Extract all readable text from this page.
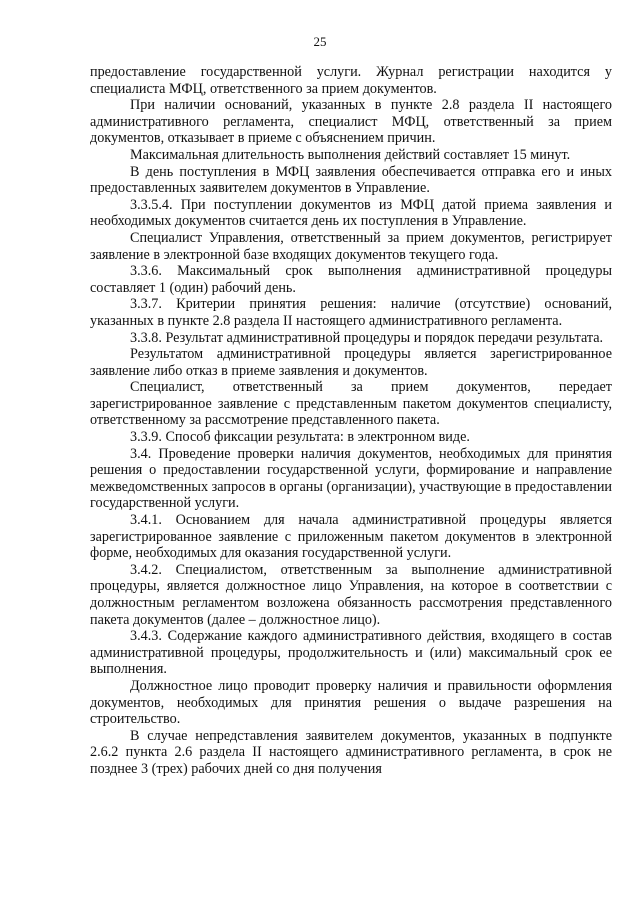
25

предоставление государственной услуги. Журнал регистрации находится у специалиста МФЦ, ответственного за прием документов.

При наличии оснований, указанных в пункте 2.8 раздела II настоящего административного регламента, специалист МФЦ, ответственный за прием документов, отказывает в приеме с объяснением причин.

Максимальная длительность выполнения действий составляет 15 минут.

В день поступления в МФЦ заявления обеспечивается отправка его и иных предоставленных заявителем документов в Управление.

3.3.5.4. При поступлении документов из МФЦ датой приема заявления и необходимых документов считается день их поступления в Управление.

Специалист Управления, ответственный за прием документов, регистрирует заявление в электронной базе входящих документов текущего года.

3.3.6. Максимальный срок выполнения административной процедуры составляет 1 (один) рабочий день.

3.3.7. Критерии принятия решения: наличие (отсутствие) оснований, указанных в пункте 2.8 раздела II настоящего административного регламента.

3.3.8. Результат административной процедуры и порядок передачи результата.

Результатом административной процедуры является зарегистрированное заявление либо отказ в приеме заявления и документов.

Специалист, ответственный за прием документов, передает зарегистрированное заявление с представленным пакетом документов специалисту, ответственному за рассмотрение представленного пакета.

3.3.9. Способ фиксации результата: в электронном виде.

3.4. Проведение проверки наличия документов, необходимых для принятия решения о предоставлении государственной услуги, формирование и направление межведомственных запросов в органы (организации), участвующие в предоставлении государственной услуги.

3.4.1. Основанием для начала административной процедуры является зарегистрированное заявление с приложенным пакетом документов в электронной форме, необходимых для оказания государственной услуги.

3.4.2. Специалистом, ответственным за выполнение административной процедуры, является должностное лицо Управления, на которое в соответствии с должностным регламентом возложена обязанность рассмотрения представленного пакета документов (далее – должностное лицо).

3.4.3. Содержание каждого административного действия, входящего в состав административной процедуры, продолжительность и (или) максимальный срок ее выполнения.

Должностное лицо проводит проверку наличия и правильности оформления документов, необходимых для принятия решения о выдаче разрешения на строительство.

В случае непредставления заявителем документов, указанных в подпункте 2.6.2 пункта 2.6 раздела II настоящего административного регламента, в срок не позднее 3 (трех) рабочих дней со дня получения
